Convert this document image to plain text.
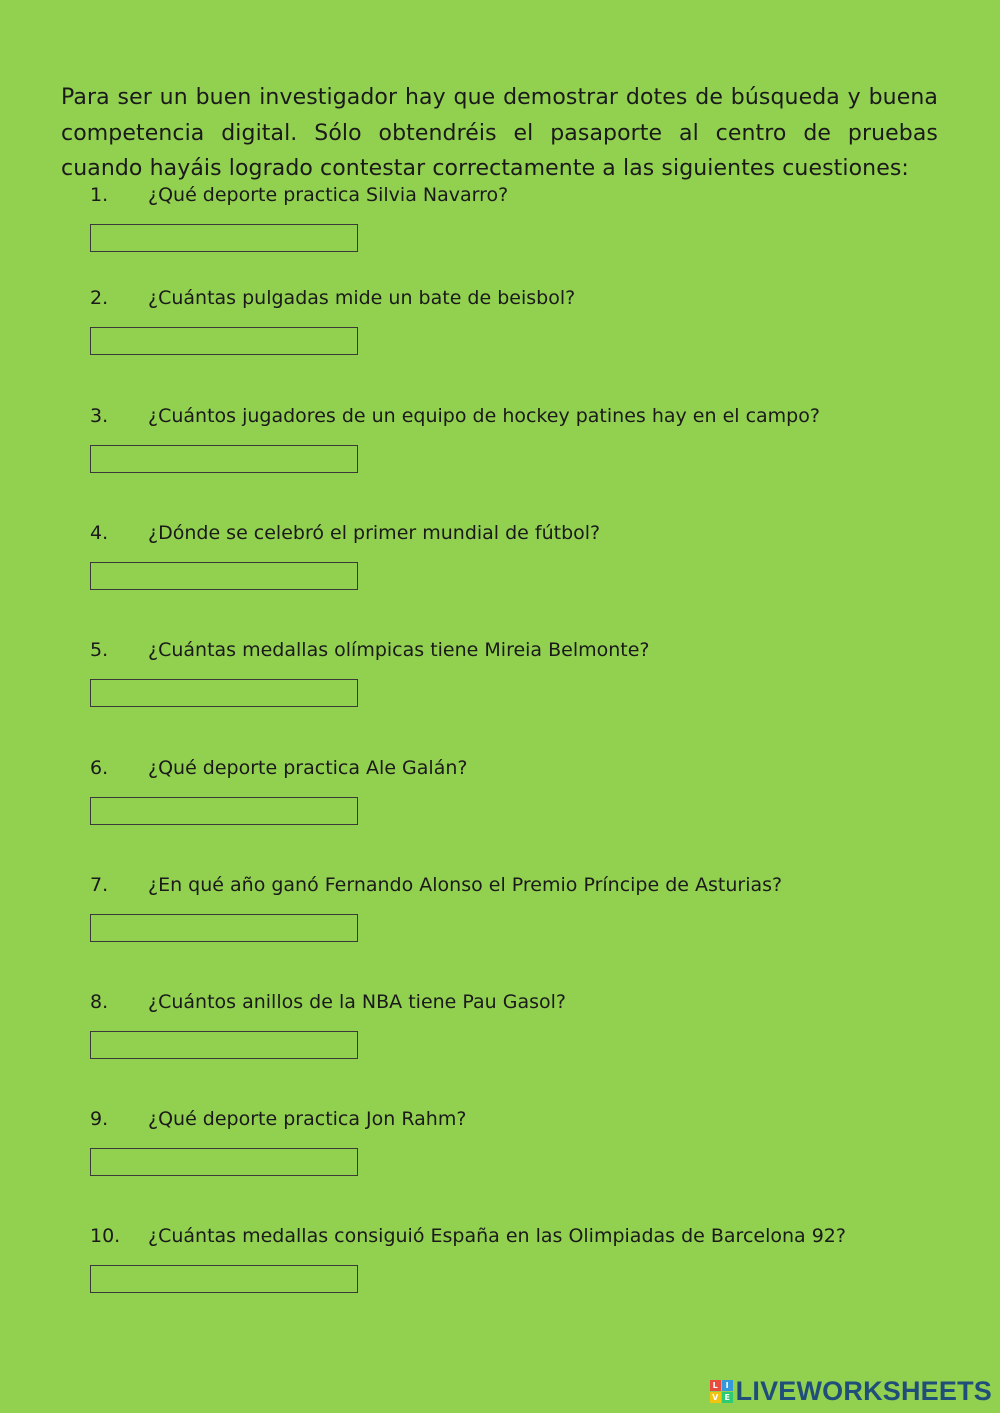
Para ser un buen investigador hay que demostrar dotes de búsqueda y buena competencia digital. Sólo obtendréis el pasaporte al centro de pruebas cuando hayáis logrado contestar correctamente a las siguientes cuestiones:

1. ¿Qué deporte practica Silvia Navarro?
2. ¿Cuántas pulgadas mide un bate de beisbol?
3. ¿Cuántos jugadores de un equipo de hockey patines hay en el campo?
4. ¿Dónde se celebró el primer mundial de fútbol?
5. ¿Cuántas medallas olímpicas tiene Mireia Belmonte?
6. ¿Qué deporte practica Ale Galán?
7. ¿En qué año ganó Fernando Alonso el Premio Príncipe de Asturias?
8. ¿Cuántos anillos de la NBA tiene Pau Gasol?
9. ¿Qué deporte practica Jon Rahm?
10. ¿Cuántas medallas consiguió España en las Olimpiadas de Barcelona 92?
L I
V E LIVEWORKSHEETS
